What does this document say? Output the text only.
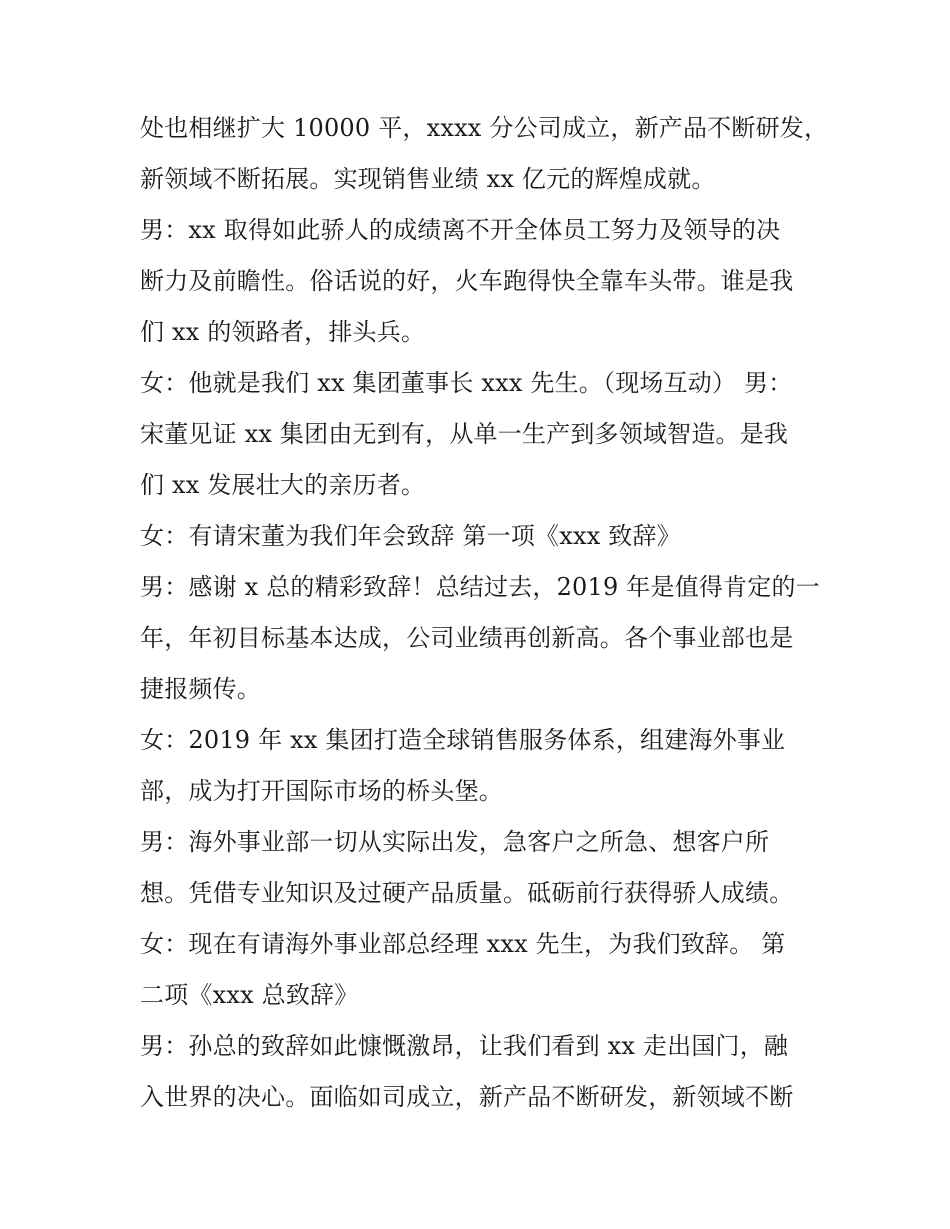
处也相继扩大 10000 平，xxxx 分公司成立，新产品不断研发，
新领域不断拓展。实现销售业绩 xx 亿元的辉煌成就。
男：xx 取得如此骄人的成绩离不开全体员工努力及领导的决
断力及前瞻性。俗话说的好，火车跑得快全靠车头带。谁是我
们 xx 的领路者，排头兵。
女：他就是我们 xx 集团董事长 xxx 先生。（现场互动） 男：
宋董见证 xx 集团由无到有，从单一生产到多领域智造。是我
们 xx 发展壮大的亲历者。
女：有请宋董为我们年会致辞 第一项《xxx 致辞》
男：感谢 x 总的精彩致辞！总结过去，2019 年是值得肯定的一
年，年初目标基本达成，公司业绩再创新高。各个事业部也是
捷报频传。
女：2019 年 xx 集团打造全球销售服务体系，组建海外事业
部，成为打开国际市场的桥头堡。
男：海外事业部一切从实际出发，急客户之所急、想客户所
想。凭借专业知识及过硬产品质量。砥砺前行获得骄人成绩。
女：现在有请海外事业部总经理 xxx 先生，为我们致辞。 第
二项《xxx 总致辞》
男：孙总的致辞如此慷慨激昂，让我们看到 xx 走出国门，融
入世界的决心。面临如司成立，新产品不断研发，新领域不断
